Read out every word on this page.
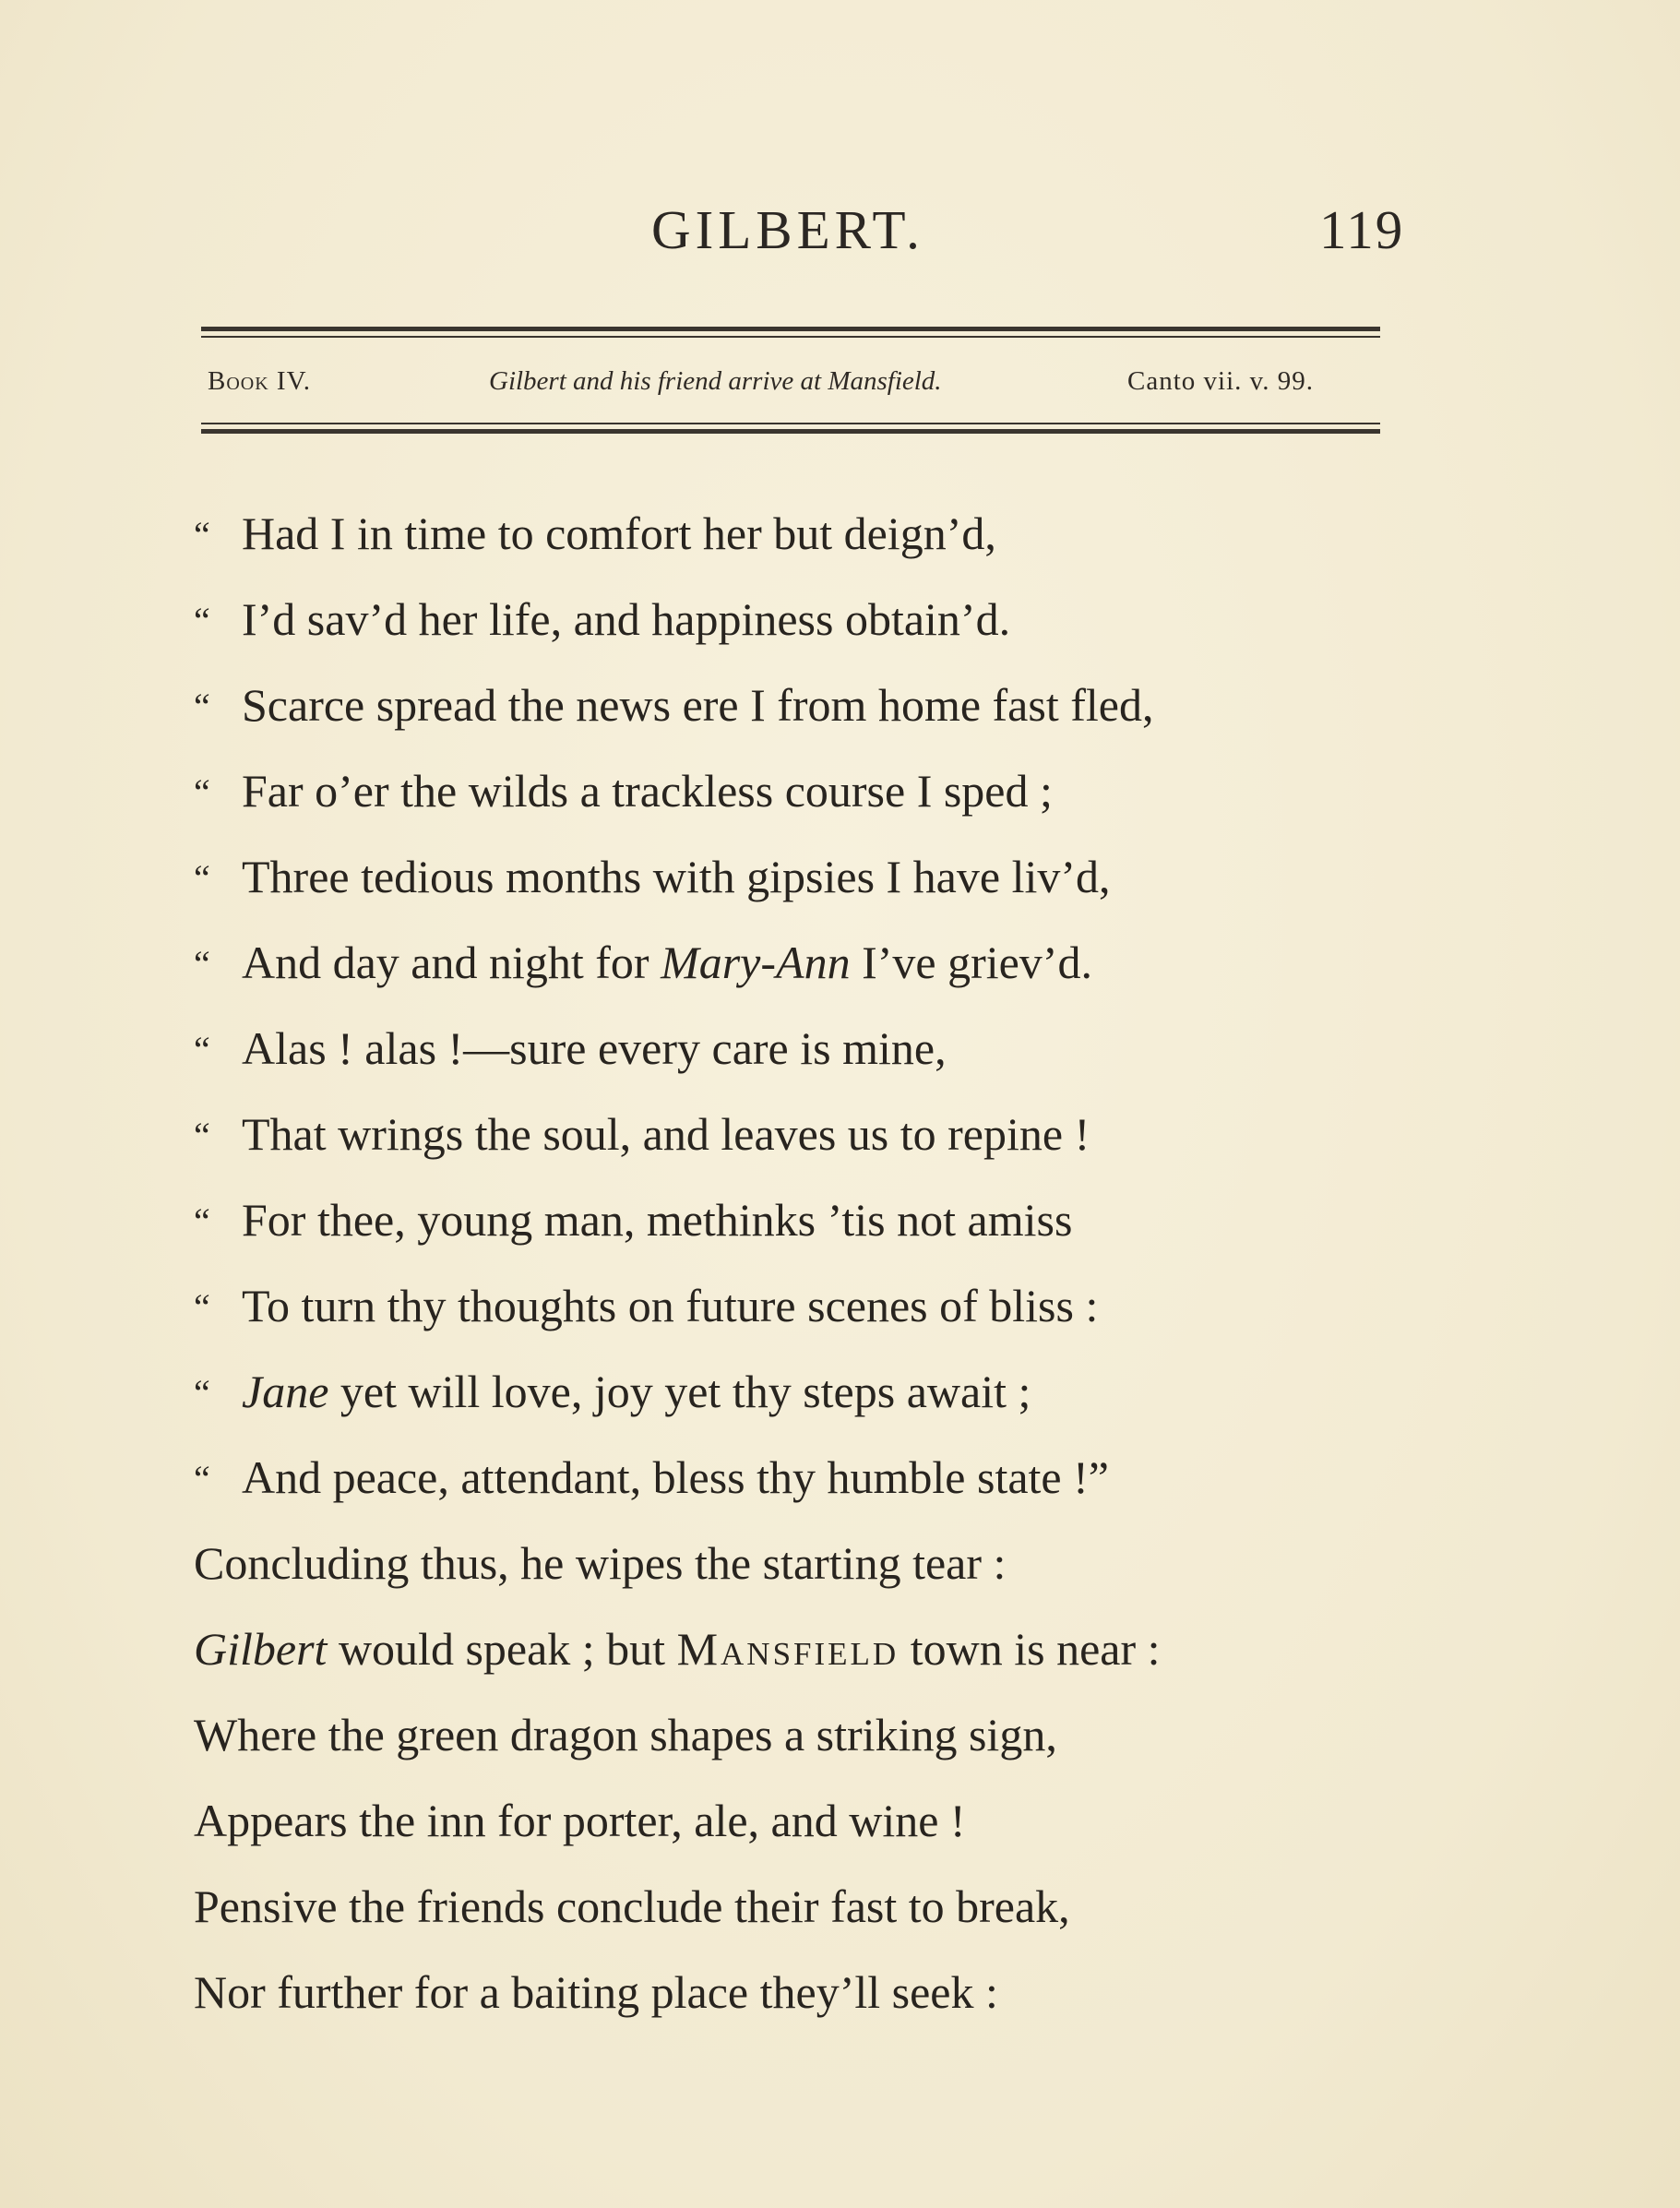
GILBERT.	119
Book IV.	Gilbert and his friend arrive at Mansfield.	Canto vii. v. 99.
“ Had I in time to comfort her but deign’d,
“ I’d sav’d her life, and happiness obtain’d.
“ Scarce spread the news ere I from home fast fled,
“ Far o’er the wilds a trackless course I sped ;
“ Three tedious months with gipsies I have liv’d,
“ And day and night for Mary-Ann I’ve griev’d.
“ Alas ! alas !—sure every care is mine,
“ That wrings the soul, and leaves us to repine !
“ For thee, young man, methinks ’tis not amiss
“ To turn thy thoughts on future scenes of bliss :
“ Jane yet will love, joy yet thy steps await ;
“ And peace, attendant, bless thy humble state !”
Concluding thus, he wipes the starting tear :
Gilbert would speak ; but Mansfield town is near :
Where the green dragon shapes a striking sign,
Appears the inn for porter, ale, and wine !
Pensive the friends conclude their fast to break,
Nor further for a baiting place they’ll seek :
